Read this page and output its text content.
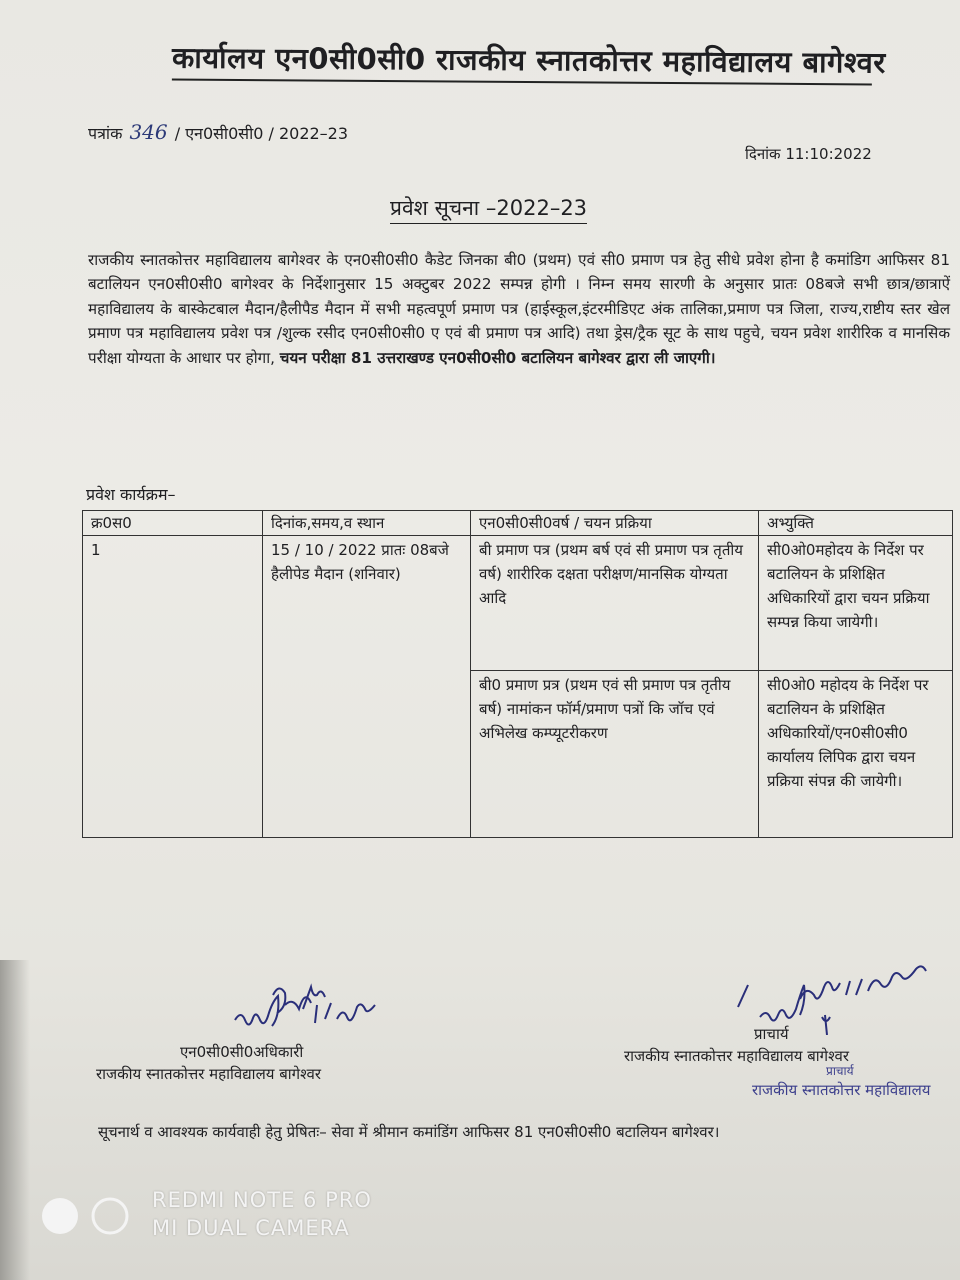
कार्यालय एन0सी0सी0 राजकीय स्नातकोत्तर महाविद्यालय बागेश्वर
पत्रांक 346 / एन0सी0सी0 / 2022–23
दिनांक 11:10:2022
प्रवेश सूचना –2022–23
राजकीय स्नातकोत्तर महाविद्यालय बागेश्वर के एन0सी0सी0 कैडेट जिनका बी0 (प्रथम) एवं सी0 प्रमाण पत्र हेतु सीधे प्रवेश होना है कमांडिग आफिसर 81 बटालियन एन0सी0सी0 बागेश्वर के निर्देशानुसार 15 अक्टुबर 2022 सम्पन्न होगी । निम्न समय सारणी के अनुसार प्रातः 08बजे सभी छात्र/छात्राऐं महाविद्यालय के बास्केटबाल मैदान/हैलीपैड मैदान में सभी महत्वपूर्ण प्रमाण पत्र (हाईस्कूल,इंटरमीडिएट अंक तालिका,प्रमाण पत्र जिला, राज्य,राष्टीय स्तर खेल प्रमाण पत्र महाविद्यालय प्रवेश पत्र /शुल्क रसीद एन0सी0सी0 ए एवं बी प्रमाण पत्र आदि) तथा ड्रेस/ट्रैक सूट के साथ पहुचे, चयन प्रवेश शारीरिक व मानसिक परीक्षा योग्यता के आधार पर होगा, चयन परीक्षा 81 उत्तराखण्ड एन0सी0सी0 बटालियन बागेश्वर द्वारा ली जाएगी।
प्रवेश कार्यक्रम–
क्र0स0	दिनांक,समय,व स्थान	एन0सी0सी0वर्ष / चयन प्रक्रिया	अभ्युक्ति
1	15 / 10 / 2022 प्रातः 08बजे हैलीपेड मैदान (शनिवार)	बी प्रमाण पत्र (प्रथम बर्ष एवं सी प्रमाण पत्र तृतीय वर्ष) शारीरिक दक्षता परीक्षण/मानसिक योग्यता आदि	सी0ओ0महोदय के निर्देश पर बटालियन के प्रशिक्षित अधिकारियों द्वारा चयन प्रक्रिया सम्पन्न किया जायेगी।
		बी0 प्रमाण प्रत्र (प्रथम एवं सी प्रमाण पत्र तृतीय बर्ष) नामांकन फॉर्म/प्रमाण पत्रों कि जॉच एवं अभिलेख कम्प्यूटरीकरण	सी0ओ0 महोदय के निर्देश पर बटालियन के प्रशिक्षित अधिकारियों/एन0सी0सी0 कार्यालय लिपिक द्वारा चयन प्रक्रिया संपन्न की जायेगी।
एन0सी0सी0अधिकारी
राजकीय स्नातकोत्तर महाविद्यालय बागेश्वर
प्राचार्य
राजकीय स्नातकोत्तर महाविद्यालय बागेश्वर
प्राचार्य
राजकीय स्नातकोत्तर महाविद्यालय
सूचनार्थ व आवश्यक कार्यवाही हेतु प्रेषितः– सेवा में श्रीमान कमांडिंग आफिसर 81 एन0सी0सी0 बटालियन बागेश्वर।
REDMI NOTE 6 PRO
MI DUAL CAMERA
